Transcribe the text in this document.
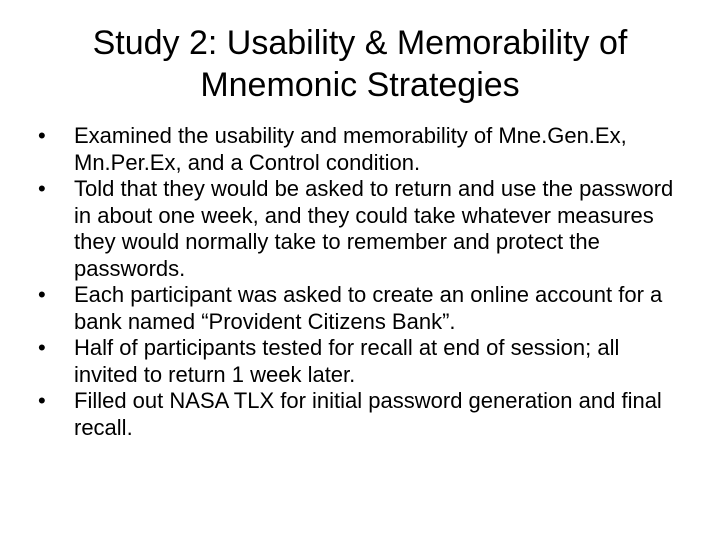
Study 2: Usability & Memorability of
Mnemonic Strategies
• Examined the usability and memorability of Mne.Gen.Ex, Mn.Per.Ex, and a Control condition.
• Told that they would be asked to return and use the password in about one week, and they could take whatever measures they would normally take to remember and protect the passwords.
• Each participant was asked to create an online account for a bank named “Provident Citizens Bank”.
• Half of participants tested for recall at end of session; all invited to return 1 week later.
• Filled out NASA TLX for initial password generation and final recall.
